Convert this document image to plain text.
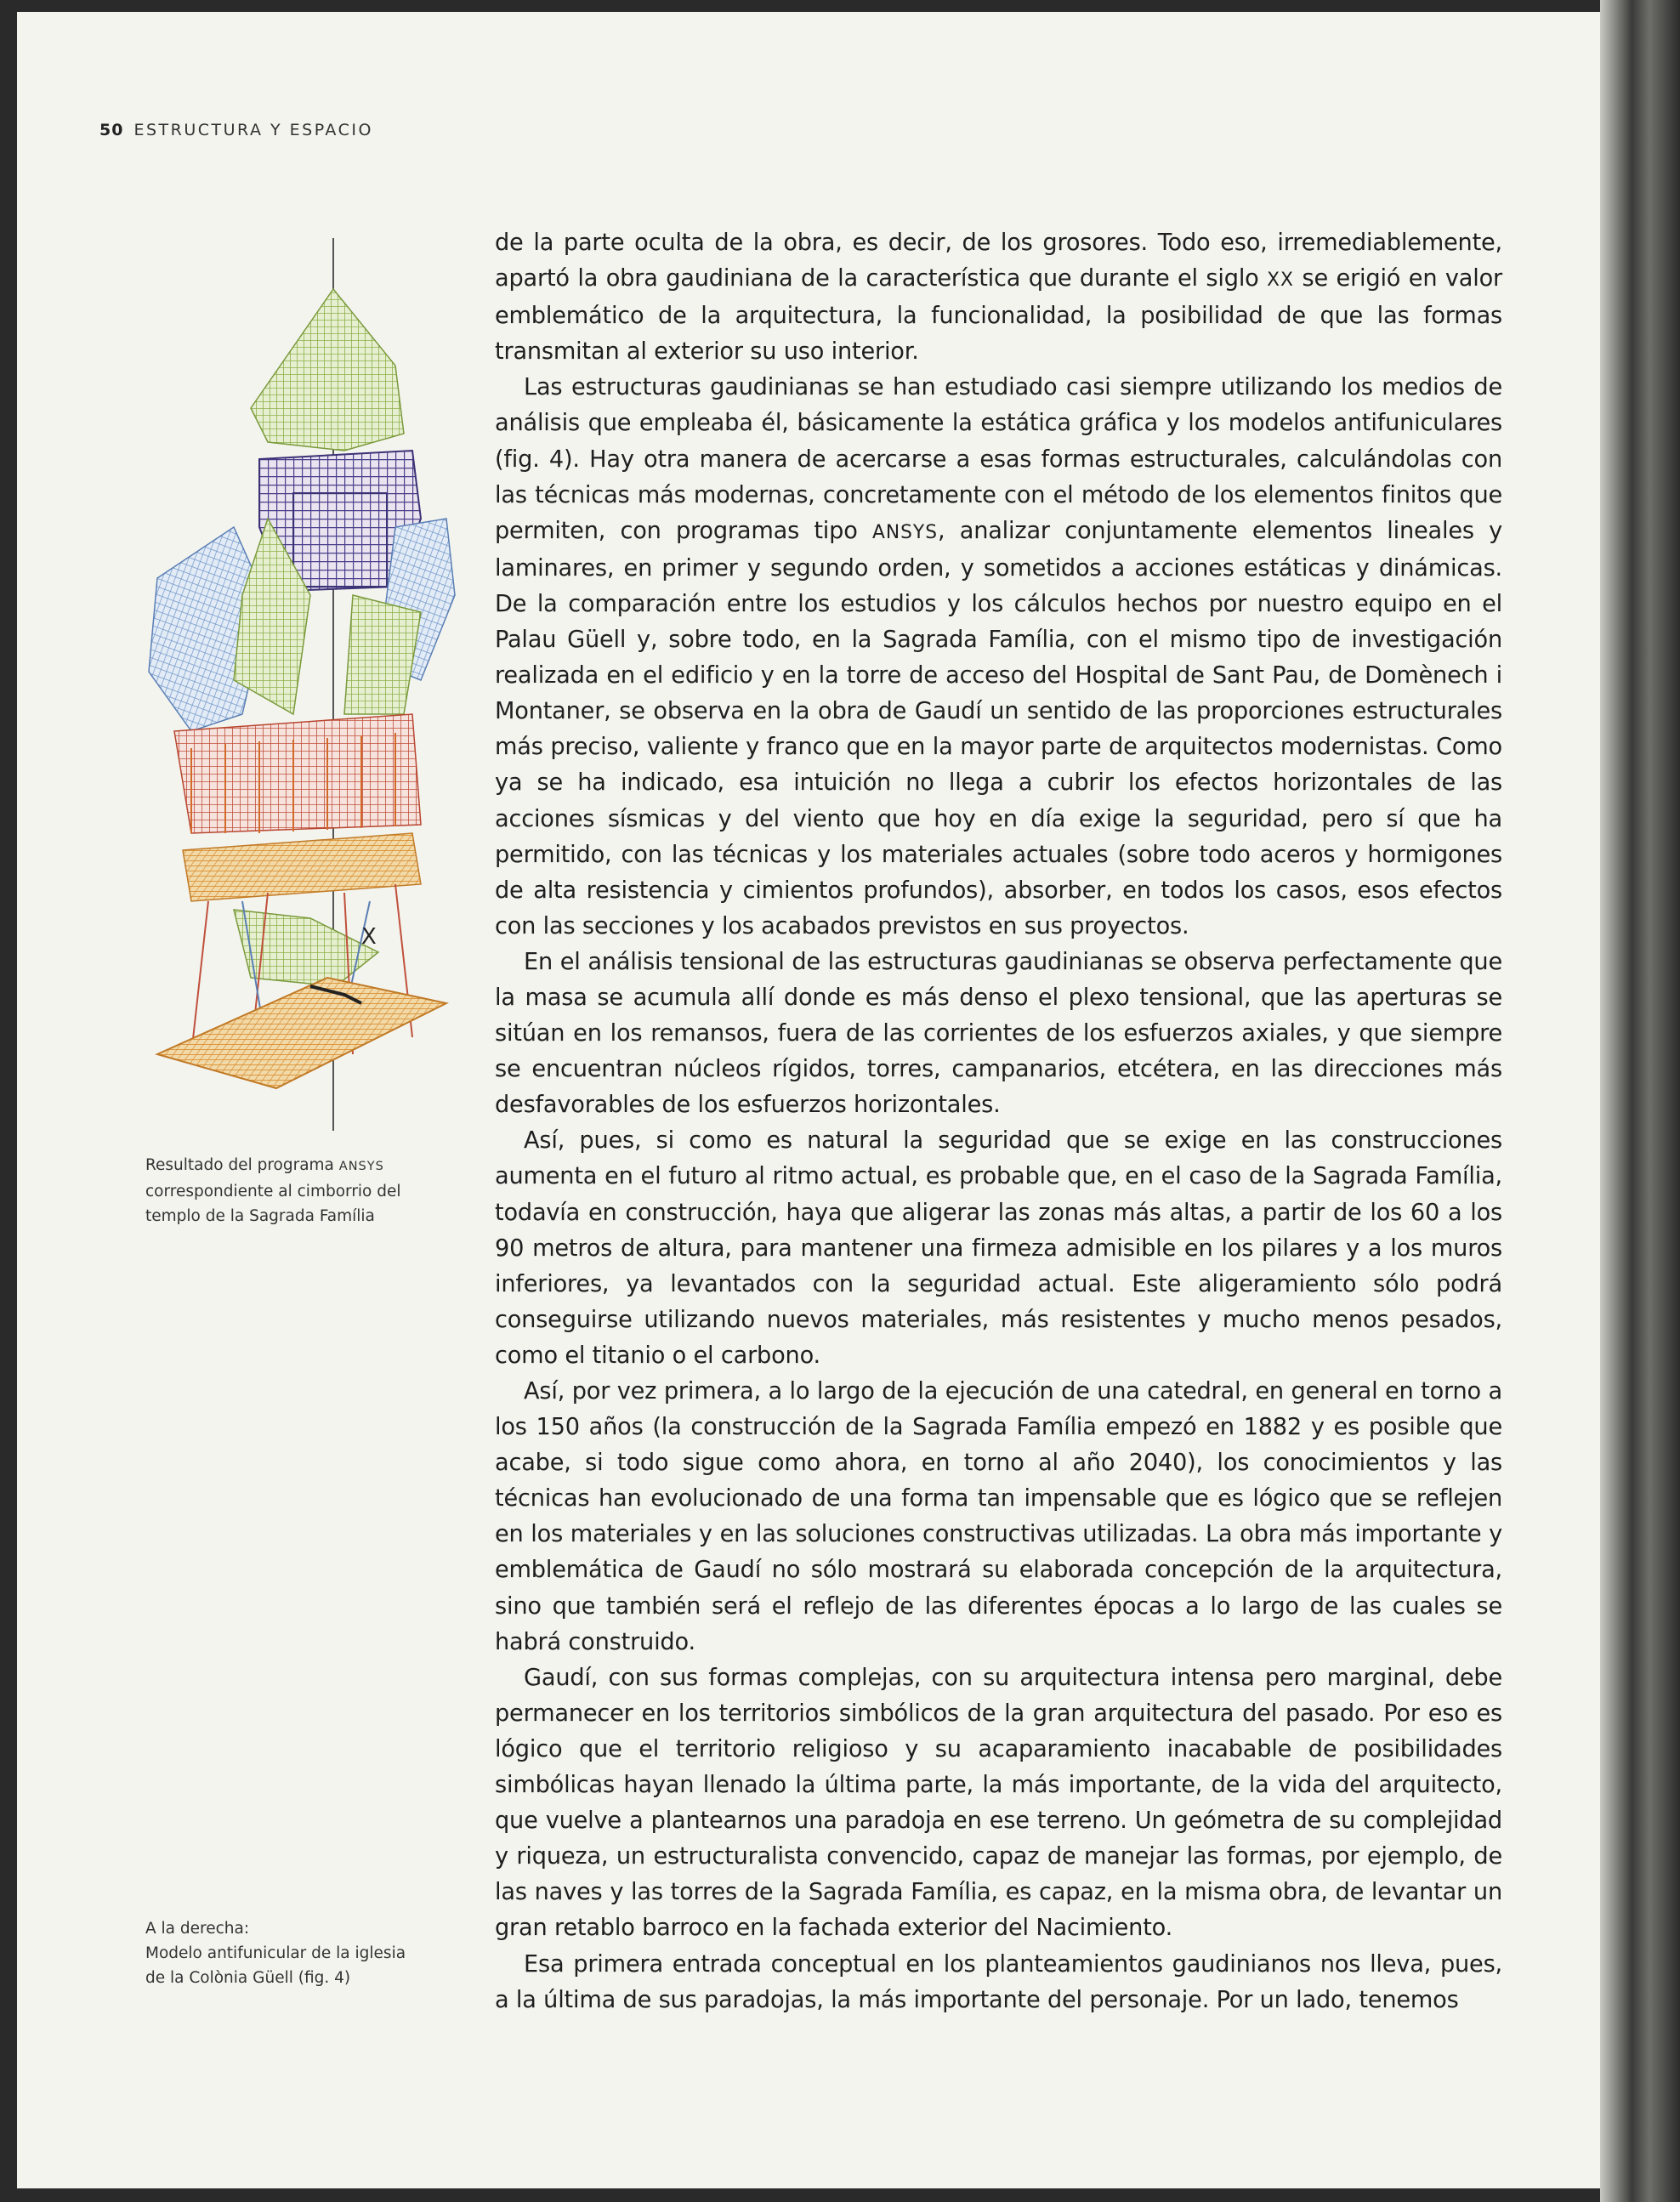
50 ESTRUCTURA Y ESPACIO
X
Resultado del programa ANSYS
correspondiente al cimborrio del
templo de la Sagrada Família
A la derecha:
Modelo antifunicular de la iglesia
de la Colònia Güell (fig. 4)

de la parte oculta de la obra, es decir, de los grosores. Todo eso, irremediablemente, apartó la obra gaudiniana de la característica que durante el siglo XX se erigió en valor emblemático de la arquitectura, la funcionalidad, la posibilidad de que las formas transmitan al exterior su uso interior.

Las estructuras gaudinianas se han estudiado casi siempre utilizando los medios de análisis que empleaba él, básicamente la estática gráfica y los modelos antifuniculares (fig. 4). Hay otra manera de acercarse a esas formas estructurales, calculándolas con las técnicas más modernas, concretamente con el método de los elementos finitos que permiten, con programas tipo ANSYS, analizar conjuntamente elementos lineales y laminares, en primer y segundo orden, y sometidos a acciones estáticas y dinámicas. De la comparación entre los estudios y los cálculos hechos por nuestro equipo en el Palau Güell y, sobre todo, en la Sagrada Família, con el mismo tipo de investigación realizada en el edificio y en la torre de acceso del Hospital de Sant Pau, de Domènech i Montaner, se observa en la obra de Gaudí un sentido de las proporciones estructurales más preciso, valiente y franco que en la mayor parte de arquitectos modernistas. Como ya se ha indicado, esa intuición no llega a cubrir los efectos horizontales de las acciones sísmicas y del viento que hoy en día exige la seguridad, pero sí que ha permitido, con las técnicas y los materiales actuales (sobre todo aceros y hormigones de alta resistencia y cimientos profundos), absorber, en todos los casos, esos efectos con las secciones y los acabados previstos en sus proyectos.

En el análisis tensional de las estructuras gaudinianas se observa perfectamente que la masa se acumula allí donde es más denso el plexo tensional, que las aperturas se sitúan en los remansos, fuera de las corrientes de los esfuerzos axiales, y que siempre se encuentran núcleos rígidos, torres, campanarios, etcétera, en las direcciones más desfavorables de los esfuerzos horizontales.

Así, pues, si como es natural la seguridad que se exige en las construcciones aumenta en el futuro al ritmo actual, es probable que, en el caso de la Sagrada Família, todavía en construcción, haya que aligerar las zonas más altas, a partir de los 60 a los 90 metros de altura, para mantener una firmeza admisible en los pilares y a los muros inferiores, ya levantados con la seguridad actual. Este aligeramiento sólo podrá conseguirse utilizando nuevos materiales, más resistentes y mucho menos pesados, como el titanio o el carbono.

Así, por vez primera, a lo largo de la ejecución de una catedral, en general en torno a los 150 años (la construcción de la Sagrada Família empezó en 1882 y es posible que acabe, si todo sigue como ahora, en torno al año 2040), los conocimientos y las técnicas han evolucionado de una forma tan impensable que es lógico que se reflejen en los materiales y en las soluciones constructivas utilizadas. La obra más importante y emblemática de Gaudí no sólo mostrará su elaborada concepción de la arquitectura, sino que también será el reflejo de las diferentes épocas a lo largo de las cuales se habrá construido.

Gaudí, con sus formas complejas, con su arquitectura intensa pero marginal, debe permanecer en los territorios simbólicos de la gran arquitectura del pasado. Por eso es lógico que el territorio religioso y su acaparamiento inacabable de posibilidades simbólicas hayan llenado la última parte, la más importante, de la vida del arquitecto, que vuelve a plantearnos una paradoja en ese terreno. Un geómetra de su complejidad y riqueza, un estructuralista convencido, capaz de manejar las formas, por ejemplo, de las naves y las torres de la Sagrada Família, es capaz, en la misma obra, de levantar un gran retablo barroco en la fachada exterior del Nacimiento.

Esa primera entrada conceptual en los planteamientos gaudinianos nos lleva, pues, a la última de sus paradojas, la más importante del personaje. Por un lado, tenemos
